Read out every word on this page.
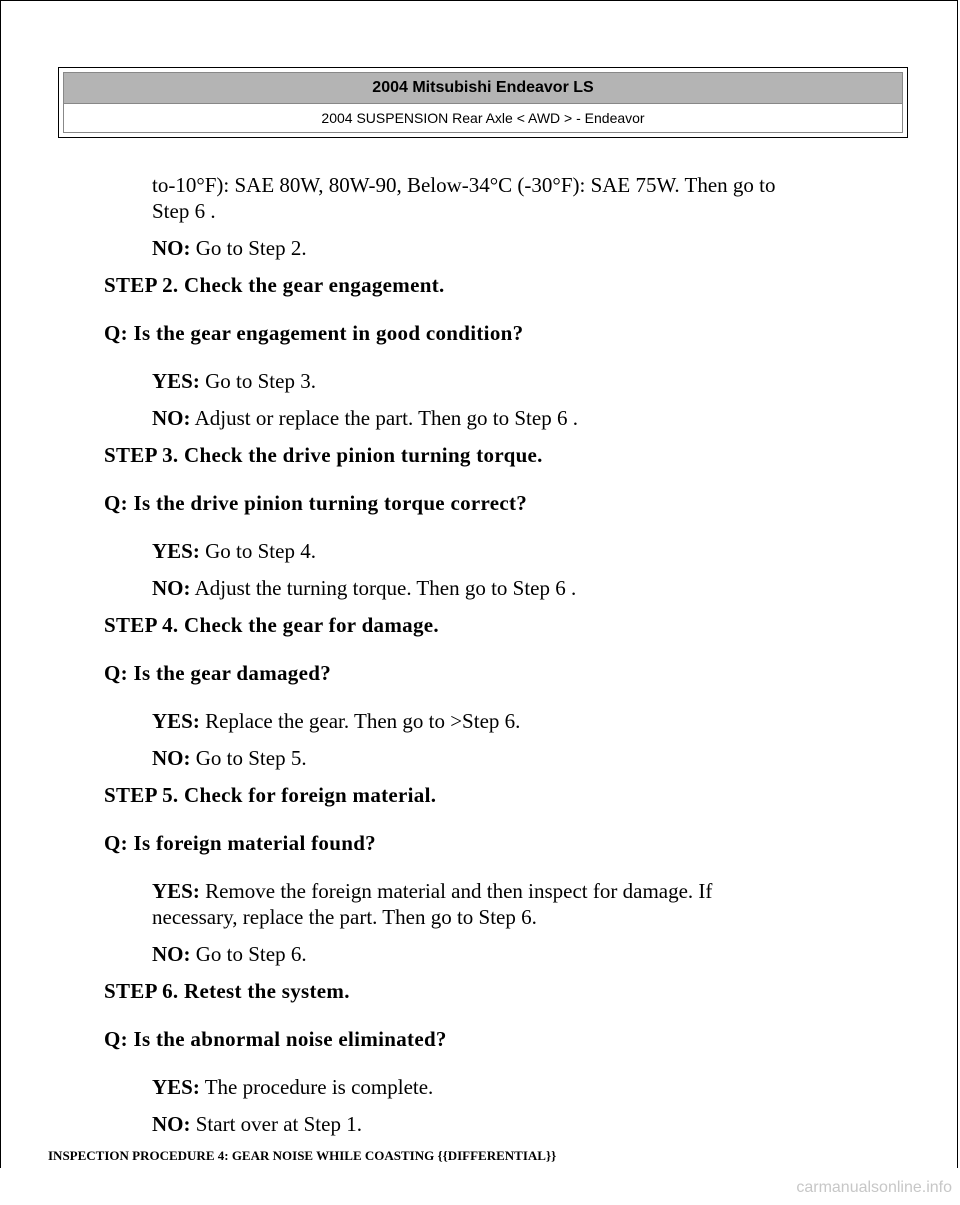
2004 Mitsubishi Endeavor LS
2004 SUSPENSION Rear Axle < AWD > - Endeavor

to-10°F): SAE 80W, 80W-90, Below-34°C (-30°F): SAE 75W. Then go to
Step 6 .

NO: Go to Step 2.

STEP 2. Check the gear engagement.

Q: Is the gear engagement in good condition?

YES: Go to Step 3.

NO: Adjust or replace the part. Then go to Step 6 .

STEP 3. Check the drive pinion turning torque.

Q: Is the drive pinion turning torque correct?

YES: Go to Step 4.

NO: Adjust the turning torque. Then go to Step 6 .

STEP 4. Check the gear for damage.

Q: Is the gear damaged?

YES: Replace the gear. Then go to >Step 6.

NO: Go to Step 5.

STEP 5. Check for foreign material.

Q: Is foreign material found?

YES: Remove the foreign material and then inspect for damage. If
necessary, replace the part. Then go to Step 6.

NO: Go to Step 6.

STEP 6. Retest the system.

Q: Is the abnormal noise eliminated?

YES: The procedure is complete.

NO: Start over at Step 1.

INSPECTION PROCEDURE 4: GEAR NOISE WHILE COASTING {{DIFFERENTIAL}}
carmanualsonline.info
